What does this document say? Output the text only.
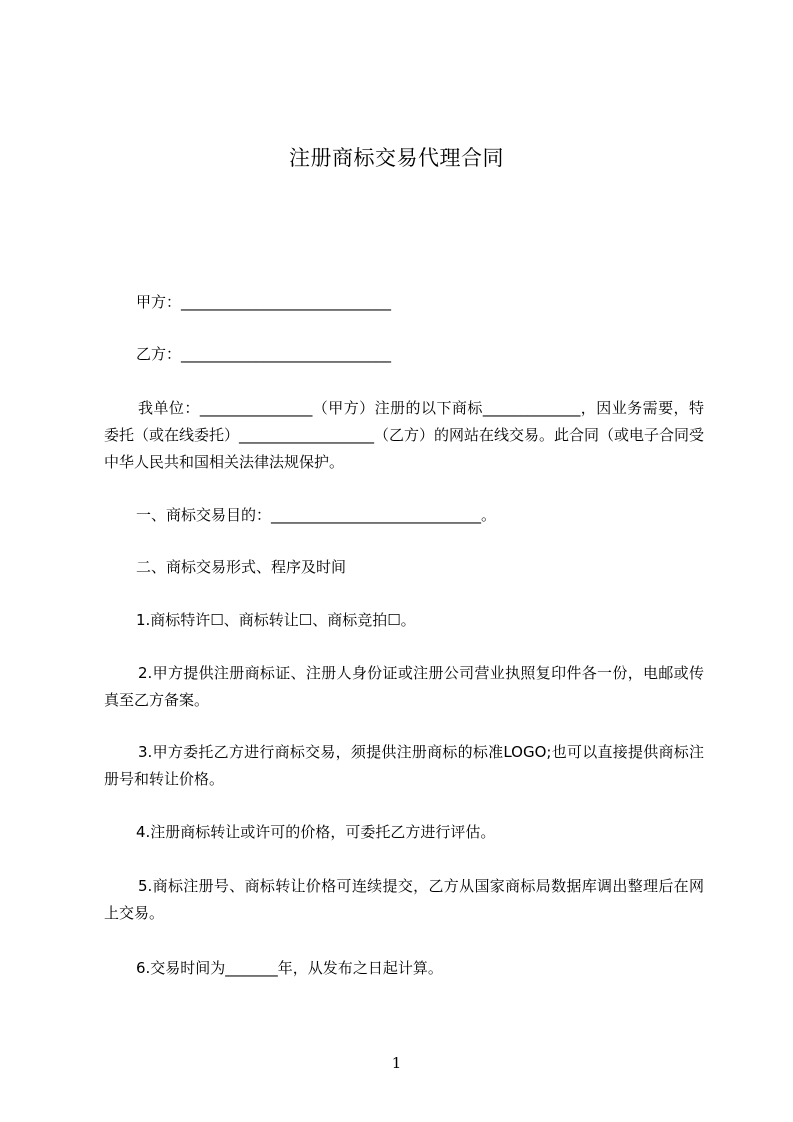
注册商标交易代理合同
甲方：____________________________
乙方：____________________________
我单位：_______________（甲方）注册的以下商标_____________，因业务需要，特委托（或在线委托）__________________（乙方）的网站在线交易。此合同（或电子合同受中华人民共和国相关法律法规保护。
一、商标交易目的：____________________________。
二、商标交易形式、程序及时间
1.商标特许☐、商标转让☐、商标竞拍☐。
2.甲方提供注册商标证、注册人身份证或注册公司营业执照复印件各一份，电邮或传真至乙方备案。
3.甲方委托乙方进行商标交易，须提供注册商标的标准LOGO;也可以直接提供商标注册号和转让价格。
4.注册商标转让或许可的价格，可委托乙方进行评估。
5.商标注册号、商标转让价格可连续提交，乙方从国家商标局数据库调出整理后在网上交易。
6.交易时间为_______年，从发布之日起计算。
1
